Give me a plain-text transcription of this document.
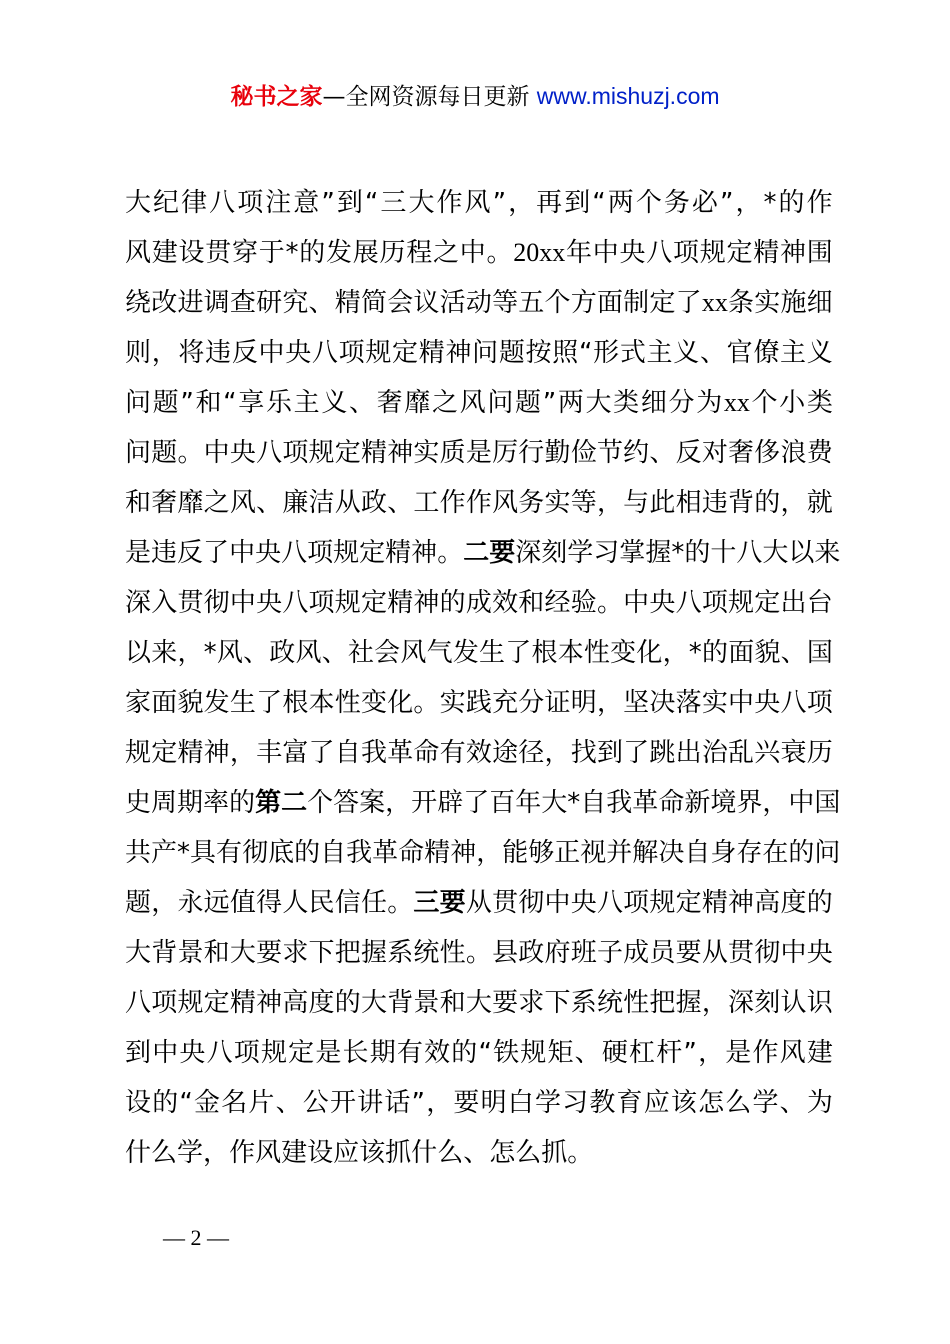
秘书之家—全网资源每日更新 www.mishuzj.com
大 纪 律 八 项 注 意 ” 到 “ 三 大 作 风 ” ， 再 到 “ 两 个 务 必 ” ， * 的 作
风 建 设 贯 穿 于 * 的 发 展 历 程 之 中 。 20xx 年 中 央 八 项 规 定 精 神 围
绕 改 进 调 查 研 究 、 精 简 会 议 活 动 等 五 个 方 面 制 定 了 xx 条 实 施 细
则 ， 将 违 反 中 央 八 项 规 定 精 神 问 题 按 照 “ 形 式 主 义 、 官 僚 主 义
问 题 ” 和 “ 享 乐 主 义 、 奢 靡 之 风 问 题 ” 两 大 类 细 分 为 xx 个 小 类
问 题 。 中 央 八 项 规 定 精 神 实 质 是 厉 行 勤 俭 节 约 、 反 对 奢 侈 浪 费
和 奢 靡 之 风 、 廉 洁 从 政 、 工 作 作 风 务 实 等 ， 与 此 相 违 背 的 ， 就
是 违 反 了 中 央 八 项 规 定 精 神 。 二 要 深 刻 学 习 掌 握 * 的 十 八 大 以 来
深 入 贯 彻 中 央 八 项 规 定 精 神 的 成 效 和 经 验 。 中 央 八 项 规 定 出 台
以 来 ， * 风 、 政 风 、 社 会 风 气 发 生 了 根 本 性 变 化 ， * 的 面 貌 、 国
家 面 貌 发 生 了 根 本 性 变 化 。 实 践 充 分 证 明 ， 坚 决 落 实 中 央 八 项
规 定 精 神 ， 丰 富 了 自 我 革 命 有 效 途 径 ， 找 到 了 跳 出 治 乱 兴 衰 历
史 周 期 率 的 第 二 个 答 案 ， 开 辟 了 百 年 大 * 自 我 革 命 新 境 界 ， 中 国
共 产 * 具 有 彻 底 的 自 我 革 命 精 神 ， 能 够 正 视 并 解 决 自 身 存 在 的 问
题 ， 永 远 值 得 人 民 信 任 。 三 要 从 贯 彻 中 央 八 项 规 定 精 神 高 度 的
大 背 景 和 大 要 求 下 把 握 系 统 性 。 县 政 府 班 子 成 员 要 从 贯 彻 中 央
八 项 规 定 精 神 高 度 的 大 背 景 和 大 要 求 下 系 统 性 把 握 ， 深 刻 认 识
到 中 央 八 项 规 定 是 长 期 有 效 的 “ 铁 规 矩 、 硬 杠 杆 ” ， 是 作 风 建
设 的 “ 金 名 片 、 公 开 讲 话 ” ， 要 明 白 学 习 教 育 应 该 怎 么 学 、 为
什 么 学 ， 作 风 建 设 应 该 抓 什 么 、 怎 么 抓 。
— 2 —
